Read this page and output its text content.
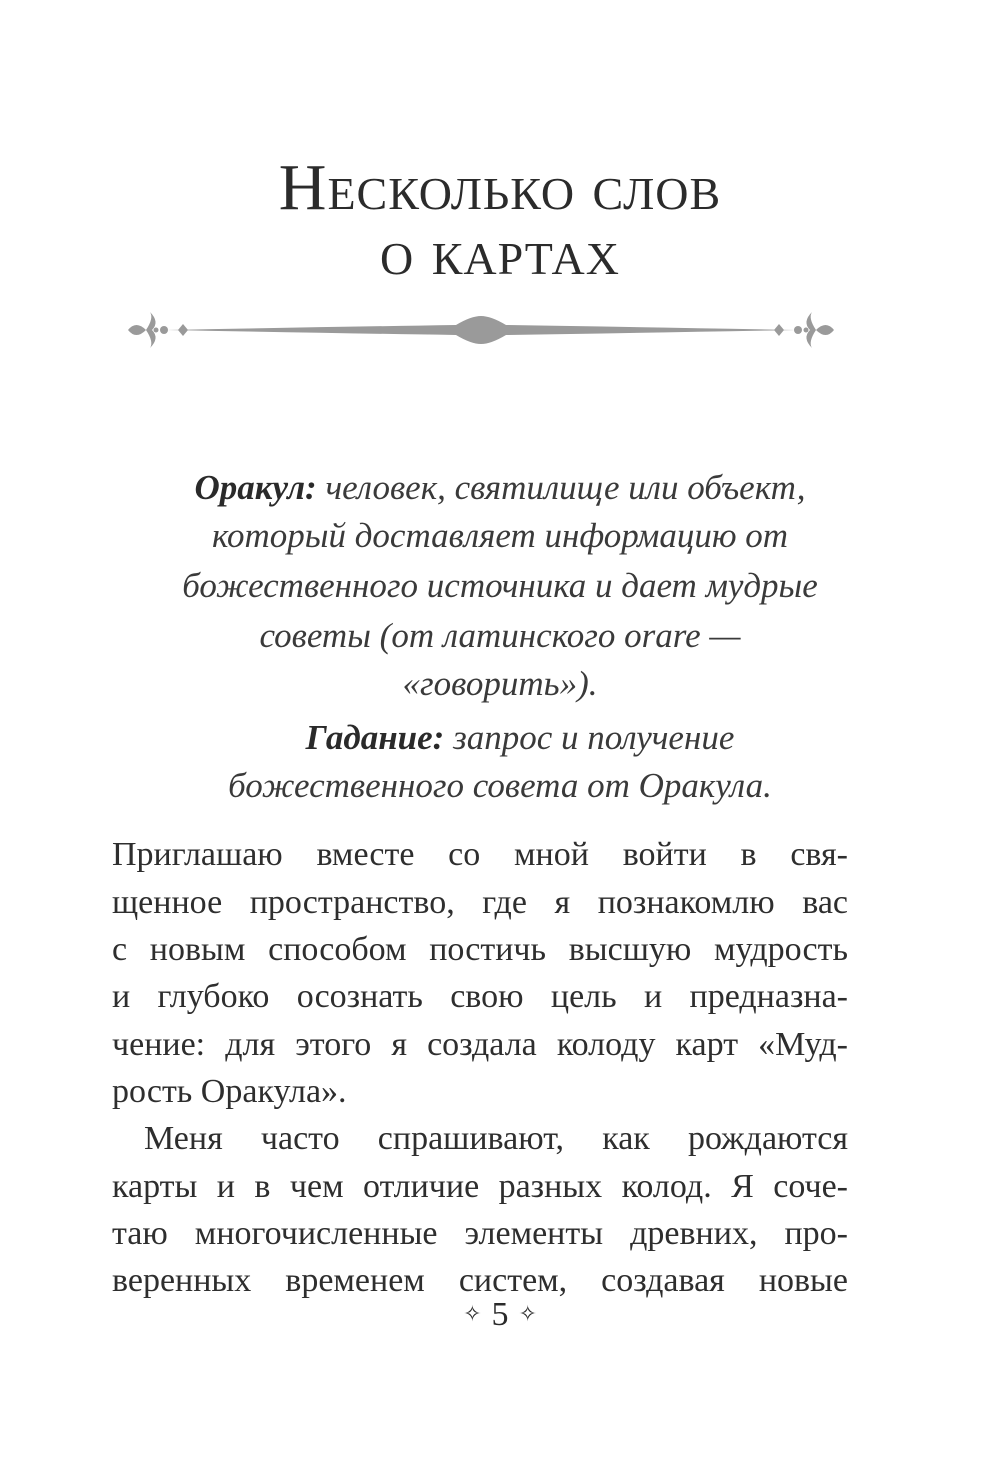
Несколько слов
о картах
Оракул: человек, святилище или объект,
который доставляет информацию от
божественного источника и дает мудрые
советы (от латинского orare —
«говорить»).
Гадание: запрос и получение
божественного совета от Оракула.
Приглашаю вместе со мной войти в свя-
щенное пространство, где я познакомлю вас
с новым способом постичь высшую мудрость
и глубоко осознать свою цель и предназна-
чение: для этого я создала колоду карт «Муд-
рость Оракула».
Меня часто спрашивают, как рождаются
карты и в чем отличие разных колод. Я соче-
таю многочисленные элементы древних, про-
веренных временем систем, создавая новые
✧ 5 ✧
